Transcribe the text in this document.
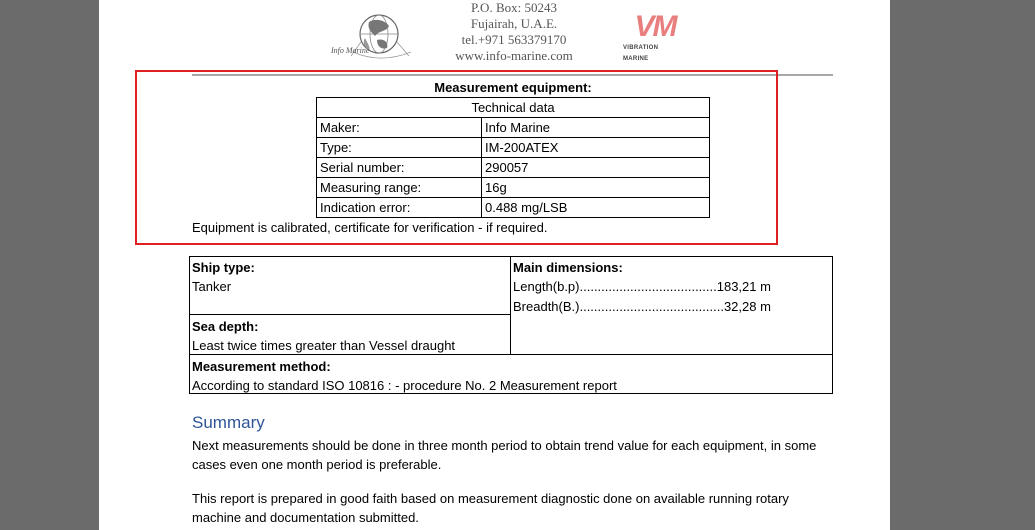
Info Marine
P.O. Box: 50243
Fujairah, U.A.E.
tel.+971 563379170
www.info-marine.com
VM
VIBRATION
MARINE
Measurement equipment:
Technical data	
Maker:	Info Marine
Type:	IM-200ATEX
Serial number:	290057
Measuring range:	16g
Indication error:	0.488 mg/LSB
Equipment is calibrated, certificate for verification - if required.
Ship type:
Tanker
Main dimensions:
Length(b.p)......................................183,21 m
Breadth(B.)........................................32,28 m
Sea depth:
Least twice times greater than Vessel draught
Measurement method:
According to standard ISO 10816 : - procedure No. 2 Measurement report
Summary
Next measurements should be done in three month period to obtain trend value for each equipment, in some cases even one month period is preferable.
This report is prepared in good faith based on measurement diagnostic done on available running rotary machine and documentation submitted.
